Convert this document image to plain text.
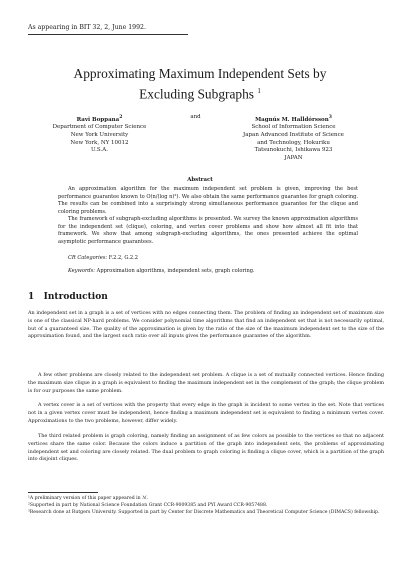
As appearing in BIT 32, 2, June 1992.
Approximating Maximum Independent Sets by
Excluding Subgraphs $^1$
Ravi Boppana$^2$
Department of Computer Science
New York University
New York, NY 10012
U.S.A.
and	Magnús M. Halldórsson$^3$
School of Information Science
Japan Advanced Institute of Science
and Technology, Hokuriku
Tatsunokuchi, Ishikawa 923
JAPAN
Abstract
An approximation algorithm for the maximum independent set problem is given, improving the best performance guarantee known to O(n/(log n)²). We also obtain the same performance guarantee for graph coloring. The results can be combined into a surprisingly strong simultaneous performance guarantee for the clique and coloring problems.
The framework of subgraph-excluding algorithms is presented. We survey the known approximation algorithms for the independent set (clique), coloring, and vertex cover problems and show how almost all fit into that framework. We show that among subgraph-excluding algorithms, the ones presented achieve the optimal asymptotic performance guarantees.
CR Categories: F.2.2, G.2.2
Keywords: Approximation algorithms, independent sets, graph coloring.
1 Introduction
An independent set in a graph is a set of vertices with no edges connecting them. The problem of finding an independent set of maximum size is one of the classical NP-hard problems. We consider polynomial time algorithms that find an independent set that is not necessarily optimal, but of a guaranteed size. The quality of the approximation is given by the ratio of the size of the maximum independent set to the size of the approximation found, and the largest such ratio over all inputs gives the performance guarantee of the algorithm.
A few other problems are closely related to the independent set problem. A clique is a set of mutually connected vertices. Hence finding the maximum size clique in a graph is equivalent to finding the maximum independent set in the complement of the graph; the clique problem is for our purposes the same problem.
A vertex cover is a set of vertices with the property that every edge in the graph is incident to some vertex in the set. Note that vertices not in a given vertex cover must be independent, hence finding a maximum independent set is equivalent to finding a minimum vertex cover. Approximations to the two problems, however, differ widely.
The third related problem is graph coloring, namely finding an assignment of as few colors as possible to the vertices so that no adjacent vertices share the same color. Because the colors induce a partition of the graph into independent sets, the problems of approximating independent set and coloring are closely related. The dual problem to graph coloring is finding a clique cover, which is a partition of the graph into disjoint cliques.
¹A preliminary version of this paper appeared in ℳ.
²Supported in part by National Science Foundation Grant CCR-9009385 and PYI Award CCR-9057488.
³Research done at Rutgers University. Supported in part by Center for Discrete Mathematics and Theoretical Computer Science (DIMACS) fellowship.
